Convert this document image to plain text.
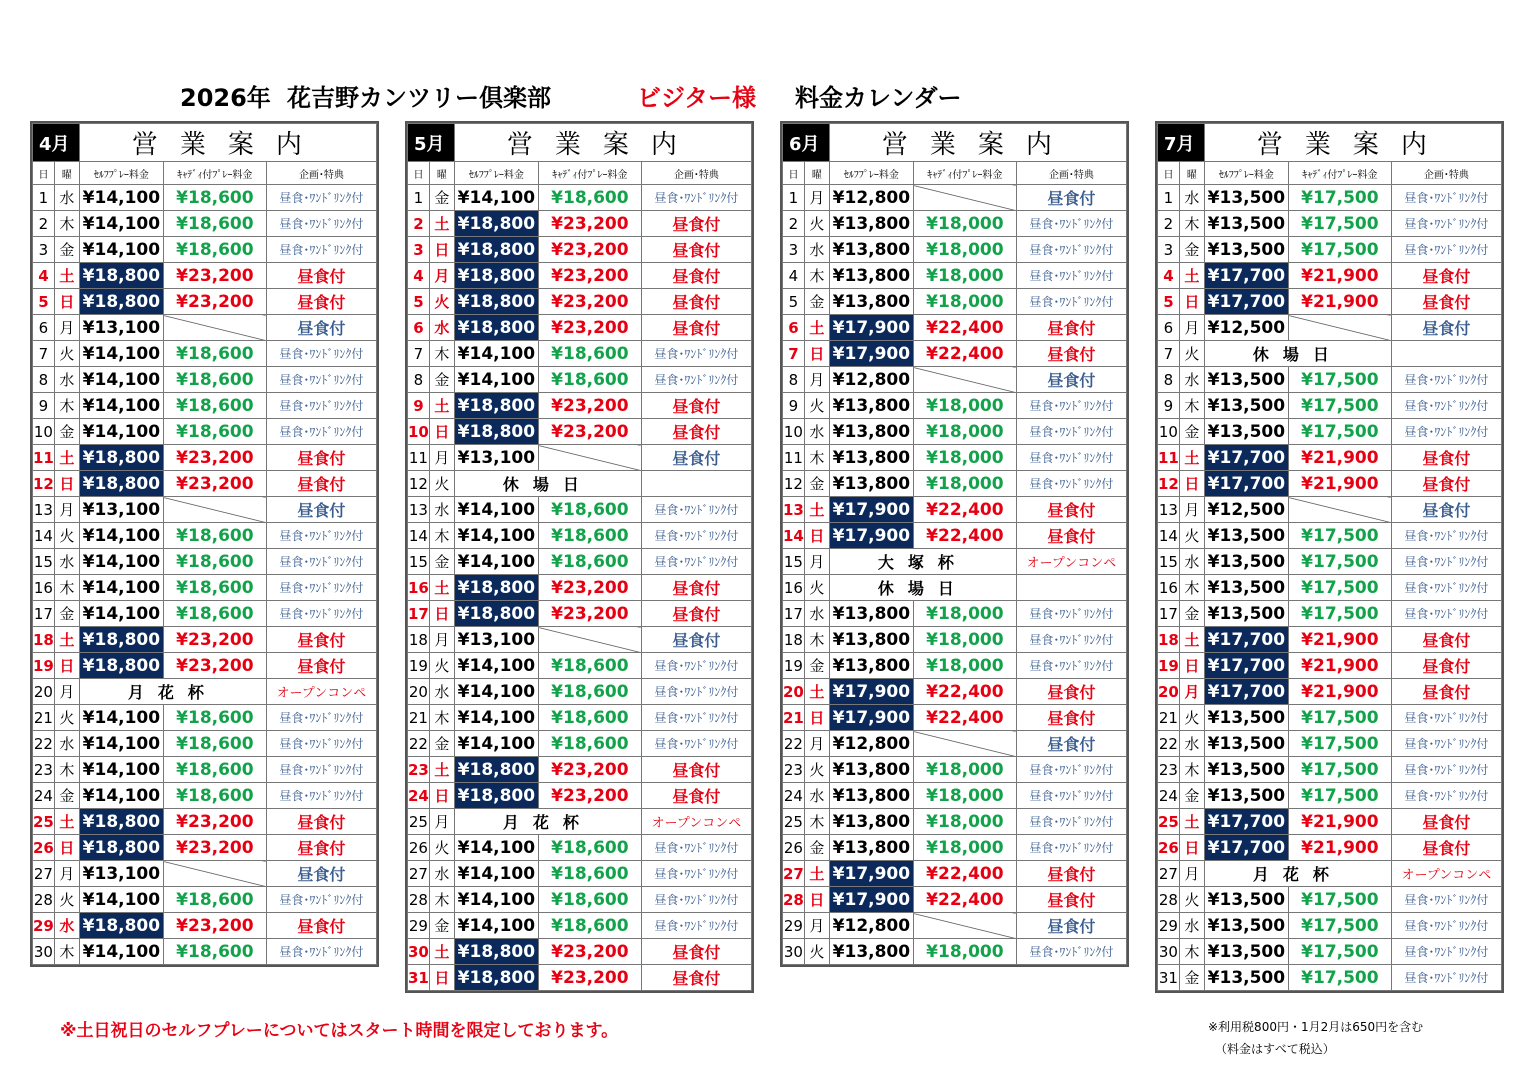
2026年

花吉野カンツリー倶楽部

	ビジター様

料金カレンダー

4月		営業案内		
日	曜	ｾﾙﾌﾌﾟﾚｰ料金	ｷｬﾃﾞｨ付ﾌﾟﾚｰ料金	企画･特典
1	水	¥14,100	¥18,600	昼食･ﾜﾝﾄﾞﾘﾝｸ付
2	木	¥14,100	¥18,600	昼食･ﾜﾝﾄﾞﾘﾝｸ付
3	金	¥14,100	¥18,600	昼食･ﾜﾝﾄﾞﾘﾝｸ付
4	土	¥18,800	¥23,200	昼食付
5	日	¥18,800	¥23,200	昼食付
6	月	¥13,100		昼食付
7	火	¥14,100	¥18,600	昼食･ﾜﾝﾄﾞﾘﾝｸ付
8	水	¥14,100	¥18,600	昼食･ﾜﾝﾄﾞﾘﾝｸ付
9	木	¥14,100	¥18,600	昼食･ﾜﾝﾄﾞﾘﾝｸ付
10	金	¥14,100	¥18,600	昼食･ﾜﾝﾄﾞﾘﾝｸ付
11	土	¥18,800	¥23,200	昼食付
12	日	¥18,800	¥23,200	昼食付
13	月	¥13,100		昼食付
14	火	¥14,100	¥18,600	昼食･ﾜﾝﾄﾞﾘﾝｸ付
15	水	¥14,100	¥18,600	昼食･ﾜﾝﾄﾞﾘﾝｸ付
16	木	¥14,100	¥18,600	昼食･ﾜﾝﾄﾞﾘﾝｸ付
17	金	¥14,100	¥18,600	昼食･ﾜﾝﾄﾞﾘﾝｸ付
18	土	¥18,800	¥23,200	昼食付
19	日	¥18,800	¥23,200	昼食付
20	月	月花杯		オープンコンペ
21	火	¥14,100	¥18,600	昼食･ﾜﾝﾄﾞﾘﾝｸ付
22	水	¥14,100	¥18,600	昼食･ﾜﾝﾄﾞﾘﾝｸ付
23	木	¥14,100	¥18,600	昼食･ﾜﾝﾄﾞﾘﾝｸ付
24	金	¥14,100	¥18,600	昼食･ﾜﾝﾄﾞﾘﾝｸ付
25	土	¥18,800	¥23,200	昼食付
26	日	¥18,800	¥23,200	昼食付
27	月	¥13,100		昼食付
28	火	¥14,100	¥18,600	昼食･ﾜﾝﾄﾞﾘﾝｸ付
29	水	¥18,800	¥23,200	昼食付
30	木	¥14,100	¥18,600	昼食･ﾜﾝﾄﾞﾘﾝｸ付
5月		営業案内		
日	曜	ｾﾙﾌﾌﾟﾚｰ料金	ｷｬﾃﾞｨ付ﾌﾟﾚｰ料金	企画･特典
1	金	¥14,100	¥18,600	昼食･ﾜﾝﾄﾞﾘﾝｸ付
2	土	¥18,800	¥23,200	昼食付
3	日	¥18,800	¥23,200	昼食付
4	月	¥18,800	¥23,200	昼食付
5	火	¥18,800	¥23,200	昼食付
6	水	¥18,800	¥23,200	昼食付
7	木	¥14,100	¥18,600	昼食･ﾜﾝﾄﾞﾘﾝｸ付
8	金	¥14,100	¥18,600	昼食･ﾜﾝﾄﾞﾘﾝｸ付
9	土	¥18,800	¥23,200	昼食付
10	日	¥18,800	¥23,200	昼食付
11	月	¥13,100		昼食付
12	火	休場日		
13	水	¥14,100	¥18,600	昼食･ﾜﾝﾄﾞﾘﾝｸ付
14	木	¥14,100	¥18,600	昼食･ﾜﾝﾄﾞﾘﾝｸ付
15	金	¥14,100	¥18,600	昼食･ﾜﾝﾄﾞﾘﾝｸ付
16	土	¥18,800	¥23,200	昼食付
17	日	¥18,800	¥23,200	昼食付
18	月	¥13,100		昼食付
19	火	¥14,100	¥18,600	昼食･ﾜﾝﾄﾞﾘﾝｸ付
20	水	¥14,100	¥18,600	昼食･ﾜﾝﾄﾞﾘﾝｸ付
21	木	¥14,100	¥18,600	昼食･ﾜﾝﾄﾞﾘﾝｸ付
22	金	¥14,100	¥18,600	昼食･ﾜﾝﾄﾞﾘﾝｸ付
23	土	¥18,800	¥23,200	昼食付
24	日	¥18,800	¥23,200	昼食付
25	月	月花杯		オープンコンペ
26	火	¥14,100	¥18,600	昼食･ﾜﾝﾄﾞﾘﾝｸ付
27	水	¥14,100	¥18,600	昼食･ﾜﾝﾄﾞﾘﾝｸ付
28	木	¥14,100	¥18,600	昼食･ﾜﾝﾄﾞﾘﾝｸ付
29	金	¥14,100	¥18,600	昼食･ﾜﾝﾄﾞﾘﾝｸ付
30	土	¥18,800	¥23,200	昼食付
31	日	¥18,800	¥23,200	昼食付
6月		営業案内		
日	曜	ｾﾙﾌﾌﾟﾚｰ料金	ｷｬﾃﾞｨ付ﾌﾟﾚｰ料金	企画･特典
1	月	¥12,800		昼食付
2	火	¥13,800	¥18,000	昼食･ﾜﾝﾄﾞﾘﾝｸ付
3	水	¥13,800	¥18,000	昼食･ﾜﾝﾄﾞﾘﾝｸ付
4	木	¥13,800	¥18,000	昼食･ﾜﾝﾄﾞﾘﾝｸ付
5	金	¥13,800	¥18,000	昼食･ﾜﾝﾄﾞﾘﾝｸ付
6	土	¥17,900	¥22,400	昼食付
7	日	¥17,900	¥22,400	昼食付
8	月	¥12,800		昼食付
9	火	¥13,800	¥18,000	昼食･ﾜﾝﾄﾞﾘﾝｸ付
10	水	¥13,800	¥18,000	昼食･ﾜﾝﾄﾞﾘﾝｸ付
11	木	¥13,800	¥18,000	昼食･ﾜﾝﾄﾞﾘﾝｸ付
12	金	¥13,800	¥18,000	昼食･ﾜﾝﾄﾞﾘﾝｸ付
13	土	¥17,900	¥22,400	昼食付
14	日	¥17,900	¥22,400	昼食付
15	月	大塚杯		オープンコンペ
16	火	休場日		
17	水	¥13,800	¥18,000	昼食･ﾜﾝﾄﾞﾘﾝｸ付
18	木	¥13,800	¥18,000	昼食･ﾜﾝﾄﾞﾘﾝｸ付
19	金	¥13,800	¥18,000	昼食･ﾜﾝﾄﾞﾘﾝｸ付
20	土	¥17,900	¥22,400	昼食付
21	日	¥17,900	¥22,400	昼食付
22	月	¥12,800		昼食付
23	火	¥13,800	¥18,000	昼食･ﾜﾝﾄﾞﾘﾝｸ付
24	水	¥13,800	¥18,000	昼食･ﾜﾝﾄﾞﾘﾝｸ付
25	木	¥13,800	¥18,000	昼食･ﾜﾝﾄﾞﾘﾝｸ付
26	金	¥13,800	¥18,000	昼食･ﾜﾝﾄﾞﾘﾝｸ付
27	土	¥17,900	¥22,400	昼食付
28	日	¥17,900	¥22,400	昼食付
29	月	¥12,800		昼食付
30	火	¥13,800	¥18,000	昼食･ﾜﾝﾄﾞﾘﾝｸ付
7月		営業案内		
日	曜	ｾﾙﾌﾌﾟﾚｰ料金	ｷｬﾃﾞｨ付ﾌﾟﾚｰ料金	企画･特典
1	水	¥13,500	¥17,500	昼食･ﾜﾝﾄﾞﾘﾝｸ付
2	木	¥13,500	¥17,500	昼食･ﾜﾝﾄﾞﾘﾝｸ付
3	金	¥13,500	¥17,500	昼食･ﾜﾝﾄﾞﾘﾝｸ付
4	土	¥17,700	¥21,900	昼食付
5	日	¥17,700	¥21,900	昼食付
6	月	¥12,500		昼食付
7	火	休場日		
8	水	¥13,500	¥17,500	昼食･ﾜﾝﾄﾞﾘﾝｸ付
9	木	¥13,500	¥17,500	昼食･ﾜﾝﾄﾞﾘﾝｸ付
10	金	¥13,500	¥17,500	昼食･ﾜﾝﾄﾞﾘﾝｸ付
11	土	¥17,700	¥21,900	昼食付
12	日	¥17,700	¥21,900	昼食付
13	月	¥12,500		昼食付
14	火	¥13,500	¥17,500	昼食･ﾜﾝﾄﾞﾘﾝｸ付
15	水	¥13,500	¥17,500	昼食･ﾜﾝﾄﾞﾘﾝｸ付
16	木	¥13,500	¥17,500	昼食･ﾜﾝﾄﾞﾘﾝｸ付
17	金	¥13,500	¥17,500	昼食･ﾜﾝﾄﾞﾘﾝｸ付
18	土	¥17,700	¥21,900	昼食付
19	日	¥17,700	¥21,900	昼食付
20	月	¥17,700	¥21,900	昼食付
21	火	¥13,500	¥17,500	昼食･ﾜﾝﾄﾞﾘﾝｸ付
22	水	¥13,500	¥17,500	昼食･ﾜﾝﾄﾞﾘﾝｸ付
23	木	¥13,500	¥17,500	昼食･ﾜﾝﾄﾞﾘﾝｸ付
24	金	¥13,500	¥17,500	昼食･ﾜﾝﾄﾞﾘﾝｸ付
25	土	¥17,700	¥21,900	昼食付
26	日	¥17,700	¥21,900	昼食付
27	月	月花杯		オープンコンペ
28	火	¥13,500	¥17,500	昼食･ﾜﾝﾄﾞﾘﾝｸ付
29	水	¥13,500	¥17,500	昼食･ﾜﾝﾄﾞﾘﾝｸ付
30	木	¥13,500	¥17,500	昼食･ﾜﾝﾄﾞﾘﾝｸ付
31	金	¥13,500	¥17,500	昼食･ﾜﾝﾄﾞﾘﾝｸ付
※土日祝日のセルフプレーについてはスタート時間を限定しております。	※利用税800円・1月2月は650円を含む
（料金はすべて税込）
